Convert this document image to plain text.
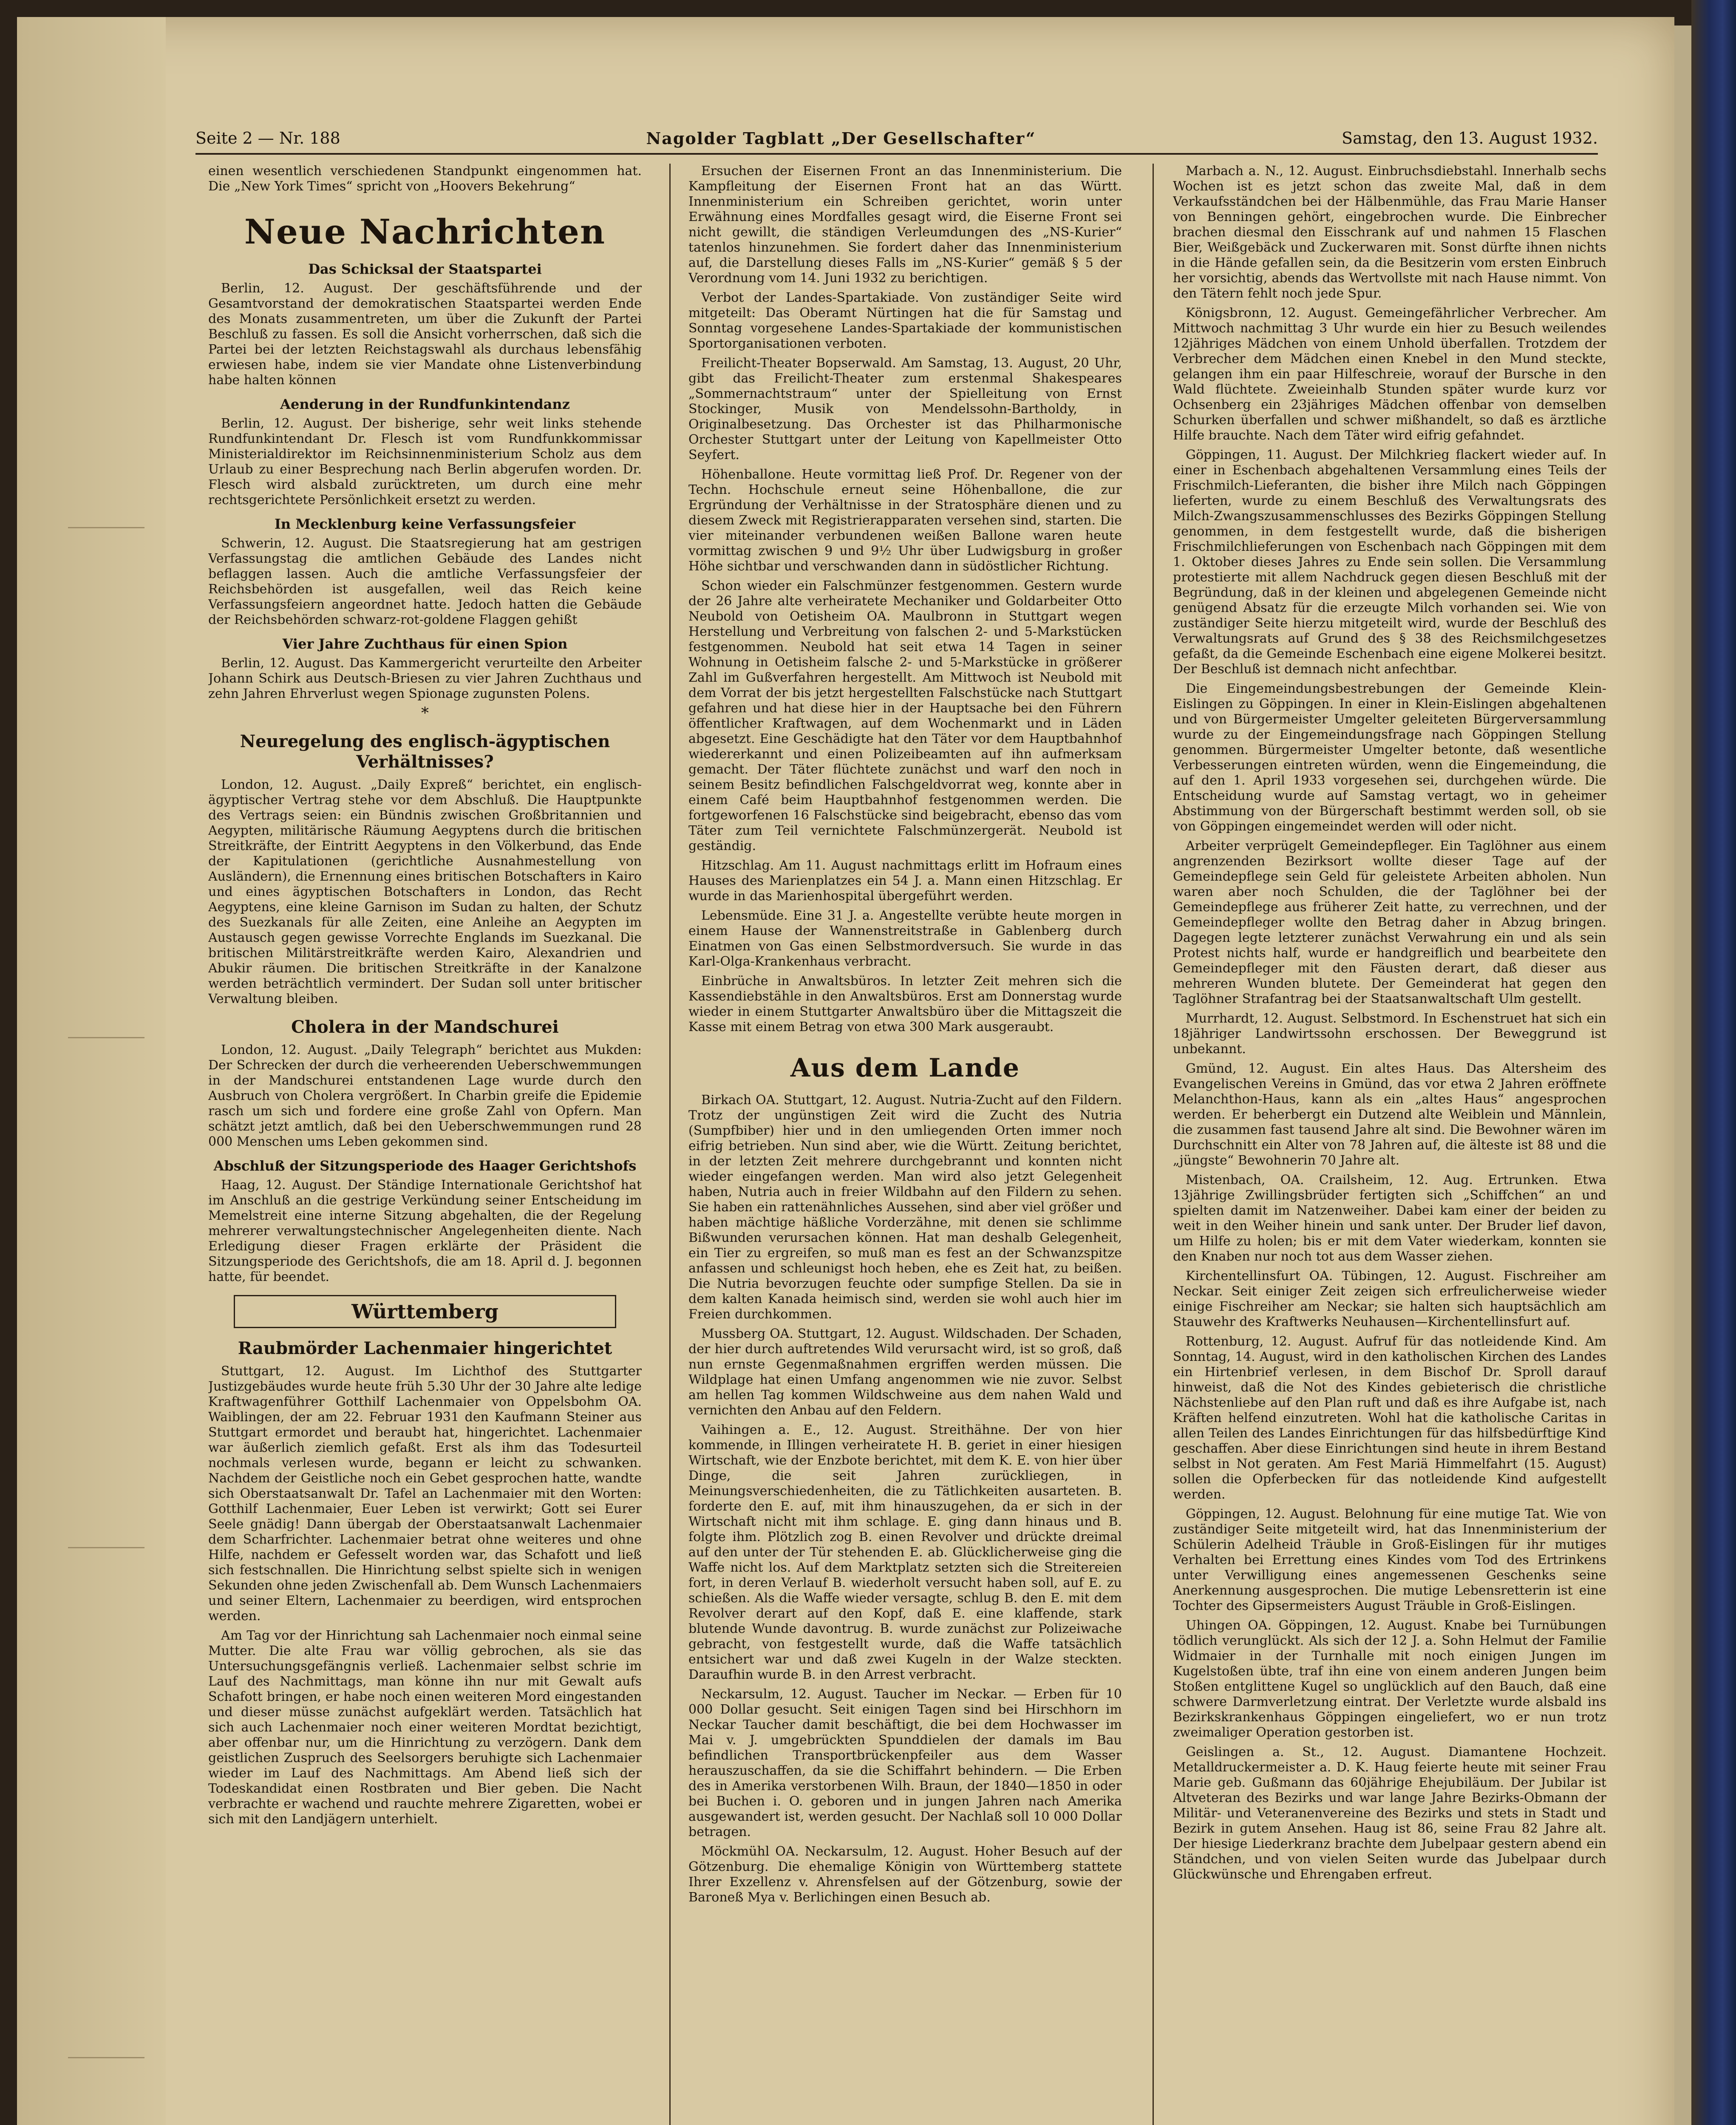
Seite 2 — Nr. 188	Nagolder Tagblatt „Der Gesellschafter“	Samstag, den 13. August 1932.

einen wesentlich verschiedenen Standpunkt eingenommen hat. Die „New York Times“ spricht von „Hoovers Bekehrung“

Neue Nachrichten
Das Schicksal der Staatspartei

Berlin, 12. August. Der geschäftsführende und der Gesamtvorstand der demokratischen Staatspartei werden Ende des Monats zusammentreten, um über die Zukunft der Partei Beschluß zu fassen. Es soll die Ansicht vorherrschen, daß sich die Partei bei der letzten Reichstagswahl als durchaus lebensfähig erwiesen habe, indem sie vier Mandate ohne Listenverbindung habe halten können

Aenderung in der Rundfunkintendanz

Berlin, 12. August. Der bisherige, sehr weit links stehende Rundfunkintendant Dr. Flesch ist vom Rundfunkkommissar Ministerialdirektor im Reichsinnenministerium Scholz aus dem Urlaub zu einer Besprechung nach Berlin abgerufen worden. Dr. Flesch wird alsbald zurücktreten, um durch eine mehr rechtsgerichtete Persönlichkeit ersetzt zu werden.

In Mecklenburg keine Verfassungsfeier

Schwerin, 12. August. Die Staatsregierung hat am gestrigen Verfassungstag die amtlichen Gebäude des Landes nicht beflaggen lassen. Auch die amtliche Verfassungsfeier der Reichsbehörden ist ausgefallen, weil das Reich keine Verfassungsfeiern angeordnet hatte. Jedoch hatten die Gebäude der Reichsbehörden schwarz-rot-goldene Flaggen gehißt

Vier Jahre Zuchthaus für einen Spion

Berlin, 12. August. Das Kammergericht verurteilte den Arbeiter Johann Schirk aus Deutsch-Briesen zu vier Jahren Zuchthaus und zehn Jahren Ehrverlust wegen Spionage zugunsten Polens.

*
Neuregelung des englisch-ägyptischen Verhältnisses?

London, 12. August. „Daily Expreß“ berichtet, ein englisch-ägyptischer Vertrag stehe vor dem Abschluß. Die Hauptpunkte des Vertrags seien: ein Bündnis zwischen Großbritannien und Aegypten, militärische Räumung Aegyptens durch die britischen Streitkräfte, der Eintritt Aegyptens in den Völkerbund, das Ende der Kapitulationen (gerichtliche Ausnahmestellung von Ausländern), die Ernennung eines britischen Botschafters in Kairo und eines ägyptischen Botschafters in London, das Recht Aegyptens, eine kleine Garnison im Sudan zu halten, der Schutz des Suezkanals für alle Zeiten, eine Anleihe an Aegypten im Austausch gegen gewisse Vorrechte Englands im Suezkanal. Die britischen Militärstreitkräfte werden Kairo, Alexandrien und Abukir räumen. Die britischen Streitkräfte in der Kanalzone werden beträchtlich vermindert. Der Sudan soll unter britischer Verwaltung bleiben.

Cholera in der Mandschurei

London, 12. August. „Daily Telegraph“ berichtet aus Mukden: Der Schrecken der durch die verheerenden Ueberschwemmungen in der Mandschurei entstandenen Lage wurde durch den Ausbruch von Cholera vergrößert. In Charbin greife die Epidemie rasch um sich und fordere eine große Zahl von Opfern. Man schätzt jetzt amtlich, daß bei den Ueberschwemmungen rund 28 000 Menschen ums Leben gekommen sind.

Abschluß der Sitzungsperiode des Haager Gerichtshofs

Haag, 12. August. Der Ständige Internationale Gerichtshof hat im Anschluß an die gestrige Verkündung seiner Entscheidung im Memelstreit eine interne Sitzung abgehalten, die der Regelung mehrerer verwaltungstechnischer Angelegenheiten diente. Nach Erledigung dieser Fragen erklärte der Präsident die Sitzungsperiode des Gerichtshofs, die am 18. April d. J. begonnen hatte, für beendet.

Württemberg
Raubmörder Lachenmaier hingerichtet

Stuttgart, 12. August. Im Lichthof des Stuttgarter Justizgebäudes wurde heute früh 5.30 Uhr der 30 Jahre alte ledige Kraftwagenführer Gotthilf Lachenmaier von Oppelsbohm OA. Waiblingen, der am 22. Februar 1931 den Kaufmann Steiner aus Stuttgart ermordet und beraubt hat, hingerichtet. Lachenmaier war äußerlich ziemlich gefaßt. Erst als ihm das Todesurteil nochmals verlesen wurde, begann er leicht zu schwanken. Nachdem der Geistliche noch ein Gebet gesprochen hatte, wandte sich Oberstaatsanwalt Dr. Tafel an Lachenmaier mit den Worten: Gotthilf Lachenmaier, Euer Leben ist verwirkt; Gott sei Eurer Seele gnädig! Dann übergab der Oberstaatsanwalt Lachenmaier dem Scharfrichter. Lachenmaier betrat ohne weiteres und ohne Hilfe, nachdem er Gefesselt worden war, das Schafott und ließ sich festschnallen. Die Hinrichtung selbst spielte sich in wenigen Sekunden ohne jeden Zwischenfall ab. Dem Wunsch Lachenmaiers und seiner Eltern, Lachenmaier zu beerdigen, wird entsprochen werden.

Am Tag vor der Hinrichtung sah Lachenmaier noch einmal seine Mutter. Die alte Frau war völlig gebrochen, als sie das Untersuchungsgefängnis verließ. Lachenmaier selbst schrie im Lauf des Nachmittags, man könne ihn nur mit Gewalt aufs Schafott bringen, er habe noch einen weiteren Mord eingestanden und dieser müsse zunächst aufgeklärt werden. Tatsächlich hat sich auch Lachenmaier noch einer weiteren Mordtat bezichtigt, aber offenbar nur, um die Hinrichtung zu verzögern. Dank dem geistlichen Zuspruch des Seelsorgers beruhigte sich Lachenmaier wieder im Lauf des Nachmittags. Am Abend ließ sich der Todeskandidat einen Rostbraten und Bier geben. Die Nacht verbrachte er wachend und rauchte mehrere Zigaretten, wobei er sich mit den Landjägern unterhielt.

Ersuchen der Eisernen Front an das Innenministerium. Die Kampfleitung der Eisernen Front hat an das Württ. Innenministerium ein Schreiben gerichtet, worin unter Erwähnung eines Mordfalles gesagt wird, die Eiserne Front sei nicht gewillt, die ständigen Verleumdungen des „NS-Kurier“ tatenlos hinzunehmen. Sie fordert daher das Innenministerium auf, die Darstellung dieses Falls im „NS-Kurier“ gemäß § 5 der Verordnung vom 14. Juni 1932 zu berichtigen.

Verbot der Landes-Spartakiade. Von zuständiger Seite wird mitgeteilt: Das Oberamt Nürtingen hat die für Samstag und Sonntag vorgesehene Landes-Spartakiade der kommunistischen Sportorganisationen verboten.

Freilicht-Theater Bopserwald. Am Samstag, 13. August, 20 Uhr, gibt das Freilicht-Theater zum erstenmal Shakespeares „Sommernachtstraum“ unter der Spielleitung von Ernst Stockinger, Musik von Mendelssohn-Bartholdy, in Originalbesetzung. Das Orchester ist das Philharmonische Orchester Stuttgart unter der Leitung von Kapellmeister Otto Seyfert.

Höhenballone. Heute vormittag ließ Prof. Dr. Regener von der Techn. Hochschule erneut seine Höhenballone, die zur Ergründung der Verhältnisse in der Stratosphäre dienen und zu diesem Zweck mit Registrierapparaten versehen sind, starten. Die vier miteinander verbundenen weißen Ballone waren heute vormittag zwischen 9 und 9½ Uhr über Ludwigsburg in großer Höhe sichtbar und verschwanden dann in südöstlicher Richtung.

Schon wieder ein Falschmünzer festgenommen. Gestern wurde der 26 Jahre alte verheiratete Mechaniker und Goldarbeiter Otto Neubold von Oetisheim OA. Maulbronn in Stuttgart wegen Herstellung und Verbreitung von falschen 2- und 5-Markstücken festgenommen. Neubold hat seit etwa 14 Tagen in seiner Wohnung in Oetisheim falsche 2- und 5-Markstücke in größerer Zahl im Gußverfahren hergestellt. Am Mittwoch ist Neubold mit dem Vorrat der bis jetzt hergestellten Falschstücke nach Stuttgart gefahren und hat diese hier in der Hauptsache bei den Führern öffentlicher Kraftwagen, auf dem Wochenmarkt und in Läden abgesetzt. Eine Geschädigte hat den Täter vor dem Hauptbahnhof wiedererkannt und einen Polizeibeamten auf ihn aufmerksam gemacht. Der Täter flüchtete zunächst und warf den noch in seinem Besitz befindlichen Falschgeldvorrat weg, konnte aber in einem Café beim Hauptbahnhof festgenommen werden. Die fortgeworfenen 16 Falschstücke sind beigebracht, ebenso das vom Täter zum Teil vernichtete Falschmünzergerät. Neubold ist geständig.

Hitzschlag. Am 11. August nachmittags erlitt im Hofraum eines Hauses des Marienplatzes ein 54 J. a. Mann einen Hitzschlag. Er wurde in das Marienhospital übergeführt werden.

Lebensmüde. Eine 31 J. a. Angestellte verübte heute morgen in einem Hause der Wannenstreitstraße in Gablenberg durch Einatmen von Gas einen Selbstmordversuch. Sie wurde in das Karl-Olga-Krankenhaus verbracht.

Einbrüche in Anwaltsbüros. In letzter Zeit mehren sich die Kassendiebstähle in den Anwaltsbüros. Erst am Donnerstag wurde wieder in einem Stuttgarter Anwaltsbüro über die Mittagszeit die Kasse mit einem Betrag von etwa 300 Mark ausgeraubt.

Aus dem Lande

Birkach OA. Stuttgart, 12. August. Nutria-Zucht auf den Fildern. Trotz der ungünstigen Zeit wird die Zucht des Nutria (Sumpfbiber) hier und in den umliegenden Orten immer noch eifrig betrieben. Nun sind aber, wie die Württ. Zeitung berichtet, in der letzten Zeit mehrere durchgebrannt und konnten nicht wieder eingefangen werden. Man wird also jetzt Gelegenheit haben, Nutria auch in freier Wildbahn auf den Fildern zu sehen. Sie haben ein rattenähnliches Aussehen, sind aber viel größer und haben mächtige häßliche Vorderzähne, mit denen sie schlimme Bißwunden verursachen können. Hat man deshalb Gelegenheit, ein Tier zu ergreifen, so muß man es fest an der Schwanzspitze anfassen und schleunigst hoch heben, ehe es Zeit hat, zu beißen. Die Nutria bevorzugen feuchte oder sumpfige Stellen. Da sie in dem kalten Kanada heimisch sind, werden sie wohl auch hier im Freien durchkommen.

Mussberg OA. Stuttgart, 12. August. Wildschaden. Der Schaden, der hier durch auftretendes Wild verursacht wird, ist so groß, daß nun ernste Gegenmaßnahmen ergriffen werden müssen. Die Wildplage hat einen Umfang angenommen wie nie zuvor. Selbst am hellen Tag kommen Wildschweine aus dem nahen Wald und vernichten den Anbau auf den Feldern.

Vaihingen a. E., 12. August. Streithähne. Der von hier kommende, in Illingen verheiratete H. B. geriet in einer hiesigen Wirtschaft, wie der Enzbote berichtet, mit dem K. E. von hier über Dinge, die seit Jahren zurückliegen, in Meinungsverschiedenheiten, die zu Tätlichkeiten ausarteten. B. forderte den E. auf, mit ihm hinauszugehen, da er sich in der Wirtschaft nicht mit ihm schlage. E. ging dann hinaus und B. folgte ihm. Plötzlich zog B. einen Revolver und drückte dreimal auf den unter der Tür stehenden E. ab. Glücklicherweise ging die Waffe nicht los. Auf dem Marktplatz setzten sich die Streitereien fort, in deren Verlauf B. wiederholt versucht haben soll, auf E. zu schießen. Als die Waffe wieder versagte, schlug B. den E. mit dem Revolver derart auf den Kopf, daß E. eine klaffende, stark blutende Wunde davontrug. B. wurde zunächst zur Polizeiwache gebracht, von festgestellt wurde, daß die Waffe tatsächlich entsichert war und daß zwei Kugeln in der Walze steckten. Daraufhin wurde B. in den Arrest verbracht.

Neckarsulm, 12. August. Taucher im Neckar. — Erben für 10 000 Dollar gesucht. Seit einigen Tagen sind bei Hirschhorn im Neckar Taucher damit beschäftigt, die bei dem Hochwasser im Mai v. J. umgebrückten Spunddielen der damals im Bau befindlichen Transportbrückenpfeiler aus dem Wasser herauszuschaffen, da sie die Schiffahrt behindern. — Die Erben des in Amerika verstorbenen Wilh. Braun, der 1840—1850 in oder bei Buchen i. O. geboren und in jungen Jahren nach Amerika ausgewandert ist, werden gesucht. Der Nachlaß soll 10 000 Dollar betragen.

Möckmühl OA. Neckarsulm, 12. August. Hoher Besuch auf der Götzenburg. Die ehemalige Königin von Württemberg stattete Ihrer Exzellenz v. Ahrensfelsen auf der Götzenburg, sowie der Baroneß Mya v. Berlichingen einen Besuch ab.

Marbach a. N., 12. August. Einbruchsdiebstahl. Innerhalb sechs Wochen ist es jetzt schon das zweite Mal, daß in dem Verkaufsständchen bei der Hälbenmühle, das Frau Marie Hanser von Benningen gehört, eingebrochen wurde. Die Einbrecher brachen diesmal den Eisschrank auf und nahmen 15 Flaschen Bier, Weißgebäck und Zuckerwaren mit. Sonst dürfte ihnen nichts in die Hände gefallen sein, da die Besitzerin vom ersten Einbruch her vorsichtig, abends das Wertvollste mit nach Hause nimmt. Von den Tätern fehlt noch jede Spur.

Königsbronn, 12. August. Gemeingefährlicher Verbrecher. Am Mittwoch nachmittag 3 Uhr wurde ein hier zu Besuch weilendes 12jähriges Mädchen von einem Unhold überfallen. Trotzdem der Verbrecher dem Mädchen einen Knebel in den Mund steckte, gelangen ihm ein paar Hilfeschreie, worauf der Bursche in den Wald flüchtete. Zweieinhalb Stunden später wurde kurz vor Ochsenberg ein 23jähriges Mädchen offenbar von demselben Schurken überfallen und schwer mißhandelt, so daß es ärztliche Hilfe brauchte. Nach dem Täter wird eifrig gefahndet.

Göppingen, 11. August. Der Milchkrieg flackert wieder auf. In einer in Eschenbach abgehaltenen Versammlung eines Teils der Frischmilch-Lieferanten, die bisher ihre Milch nach Göppingen lieferten, wurde zu einem Beschluß des Verwaltungsrats des Milch-Zwangszusammenschlusses des Bezirks Göppingen Stellung genommen, in dem festgestellt wurde, daß die bisherigen Frischmilchlieferungen von Eschenbach nach Göppingen mit dem 1. Oktober dieses Jahres zu Ende sein sollen. Die Versammlung protestierte mit allem Nachdruck gegen diesen Beschluß mit der Begründung, daß in der kleinen und abgelegenen Gemeinde nicht genügend Absatz für die erzeugte Milch vorhanden sei. Wie von zuständiger Seite hierzu mitgeteilt wird, wurde der Beschluß des Verwaltungsrats auf Grund des § 38 des Reichsmilchgesetzes gefaßt, da die Gemeinde Eschenbach eine eigene Molkerei besitzt. Der Beschluß ist demnach nicht anfechtbar.

Die Eingemeindungsbestrebungen der Gemeinde Klein-Eislingen zu Göppingen. In einer in Klein-Eislingen abgehaltenen und von Bürgermeister Umgelter geleiteten Bürgerversammlung wurde zu der Eingemeindungsfrage nach Göppingen Stellung genommen. Bürgermeister Umgelter betonte, daß wesentliche Verbesserungen eintreten würden, wenn die Eingemeindung, die auf den 1. April 1933 vorgesehen sei, durchgehen würde. Die Entscheidung wurde auf Samstag vertagt, wo in geheimer Abstimmung von der Bürgerschaft bestimmt werden soll, ob sie von Göppingen eingemeindet werden will oder nicht.

Arbeiter verprügelt Gemeindepfleger. Ein Taglöhner aus einem angrenzenden Bezirksort wollte dieser Tage auf der Gemeindepflege sein Geld für geleistete Arbeiten abholen. Nun waren aber noch Schulden, die der Taglöhner bei der Gemeindepflege aus früherer Zeit hatte, zu verrechnen, und der Gemeindepfleger wollte den Betrag daher in Abzug bringen. Dagegen legte letzterer zunächst Verwahrung ein und als sein Protest nichts half, wurde er handgreiflich und bearbeitete den Gemeindepfleger mit den Fäusten derart, daß dieser aus mehreren Wunden blutete. Der Gemeinderat hat gegen den Taglöhner Strafantrag bei der Staatsanwaltschaft Ulm gestellt.

Murrhardt, 12. August. Selbstmord. In Eschenstruet hat sich ein 18jähriger Landwirtssohn erschossen. Der Beweggrund ist unbekannt.

Gmünd, 12. August. Ein altes Haus. Das Altersheim des Evangelischen Vereins in Gmünd, das vor etwa 2 Jahren eröffnete Melanchthon-Haus, kann als ein „altes Haus“ angesprochen werden. Er beherbergt ein Dutzend alte Weiblein und Männlein, die zusammen fast tausend Jahre alt sind. Die Bewohner wären im Durchschnitt ein Alter von 78 Jahren auf, die älteste ist 88 und die „jüngste“ Bewohnerin 70 Jahre alt.

Mistenbach, OA. Crailsheim, 12. Aug. Ertrunken. Etwa 13jährige Zwillingsbrüder fertigten sich „Schiffchen“ an und spielten damit im Natzenweiher. Dabei kam einer der beiden zu weit in den Weiher hinein und sank unter. Der Bruder lief davon, um Hilfe zu holen; bis er mit dem Vater wiederkam, konnten sie den Knaben nur noch tot aus dem Wasser ziehen.

Kirchentellinsfurt OA. Tübingen, 12. August. Fischreiher am Neckar. Seit einiger Zeit zeigen sich erfreulicherweise wieder einige Fischreiher am Neckar; sie halten sich hauptsächlich am Stauwehr des Kraftwerks Neuhausen—Kirchentellinsfurt auf.

Rottenburg, 12. August. Aufruf für das notleidende Kind. Am Sonntag, 14. August, wird in den katholischen Kirchen des Landes ein Hirtenbrief verlesen, in dem Bischof Dr. Sproll darauf hinweist, daß die Not des Kindes gebieterisch die christliche Nächstenliebe auf den Plan ruft und daß es ihre Aufgabe ist, nach Kräften helfend einzutreten. Wohl hat die katholische Caritas in allen Teilen des Landes Einrichtungen für das hilfsbedürftige Kind geschaffen. Aber diese Einrichtungen sind heute in ihrem Bestand selbst in Not geraten. Am Fest Mariä Himmelfahrt (15. August) sollen die Opferbecken für das notleidende Kind aufgestellt werden.

Göppingen, 12. August. Belohnung für eine mutige Tat. Wie von zuständiger Seite mitgeteilt wird, hat das Innenministerium der Schülerin Adelheid Träuble in Groß-Eislingen für ihr mutiges Verhalten bei Errettung eines Kindes vom Tod des Ertrinkens unter Verwilligung eines angemessenen Geschenks seine Anerkennung ausgesprochen. Die mutige Lebensretterin ist eine Tochter des Gipsermeisters August Träuble in Groß-Eislingen.

Uhingen OA. Göppingen, 12. August. Knabe bei Turnübungen tödlich verunglückt. Als sich der 12 J. a. Sohn Helmut der Familie Widmaier in der Turnhalle mit noch einigen Jungen im Kugelstoßen übte, traf ihn eine von einem anderen Jungen beim Stoßen entglittene Kugel so unglücklich auf den Bauch, daß eine schwere Darmverletzung eintrat. Der Verletzte wurde alsbald ins Bezirkskrankenhaus Göppingen eingeliefert, wo er nun trotz zweimaliger Operation gestorben ist.

Geislingen a. St., 12. August. Diamantene Hochzeit. Metalldruckermeister a. D. K. Haug feierte heute mit seiner Frau Marie geb. Gußmann das 60jährige Ehejubiläum. Der Jubilar ist Altveteran des Bezirks und war lange Jahre Bezirks-Obmann der Militär- und Veteranenvereine des Bezirks und stets in Stadt und Bezirk in gutem Ansehen. Haug ist 86, seine Frau 82 Jahre alt. Der hiesige Liederkranz brachte dem Jubelpaar gestern abend ein Ständchen, und von vielen Seiten wurde das Jubelpaar durch Glückwünsche und Ehrengaben erfreut.
